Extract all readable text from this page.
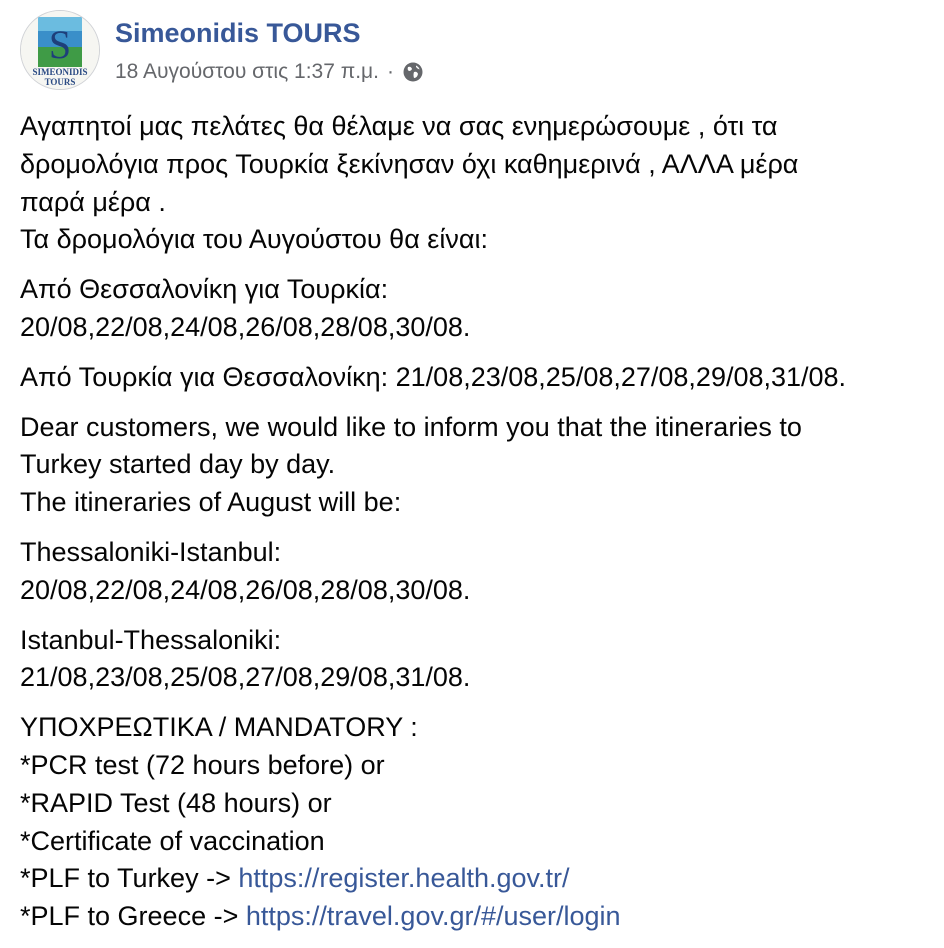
S
SIMEONIDIS
TOURS
Simeonidis TOURS
18 Αυγούστου στις 1:37 π.μ. ·
Αγαπητοί μας πελάτες θα θέλαμε να σας ενημερώσουμε , ότι τα
δρομολόγια προς Τουρκία ξεκίνησαν όχι καθημερινά , ΑΛΛΑ μέρα
παρά μέρα .
Τα δρομολόγια του Αυγούστου θα είναι:
Από Θεσσαλονίκη για Τουρκία:
20/08,22/08,24/08,26/08,28/08,30/08.
Από Τουρκία για Θεσσαλονίκη: 21/08,23/08,25/08,27/08,29/08,31/08.
Dear customers, we would like to inform you that the itineraries to
Turkey started day by day.
The itineraries of August will be:
Thessaloniki-Istanbul:
20/08,22/08,24/08,26/08,28/08,30/08.
Istanbul-Thessaloniki:
21/08,23/08,25/08,27/08,29/08,31/08.
ΥΠΟΧΡΕΩΤΙΚΑ / MANDATORY :
*PCR test (72 hours before) or
*RAPID Test (48 hours) or
*Certificate of vaccination
*PLF to Turkey -> https://register.health.gov.tr/
*PLF to Greece -> https://travel.gov.gr/#/user/login
